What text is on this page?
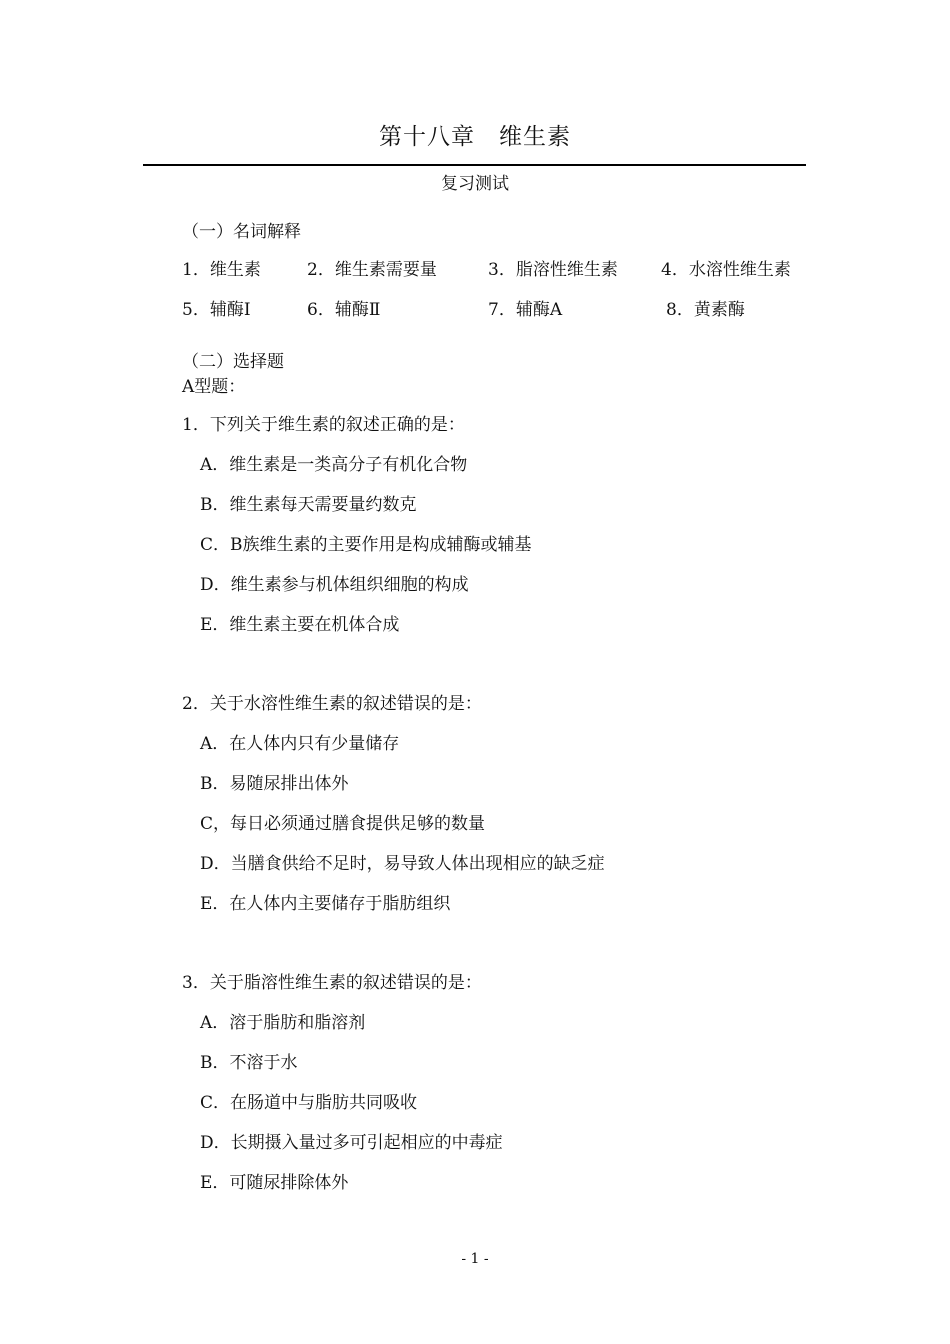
第十八章　维生素
复习测试
（一）名词解释
1．维生素	2．维生素需要量	3．脂溶性维生素	4．水溶性维生素
5．辅酶Ⅰ	6．辅酶Ⅱ	7．辅酶A	8．黄素酶
（二）选择题
A型题：
1．下列关于维生素的叙述正确的是：
A．维生素是一类高分子有机化合物
B．维生素每天需要量约数克
C．B族维生素的主要作用是构成辅酶或辅基
D．维生素参与机体组织细胞的构成
E．维生素主要在机体合成
2．关于水溶性维生素的叙述错误的是：
A．在人体内只有少量储存
B．易随尿排出体外
C，每日必须通过膳食提供足够的数量
D．当膳食供给不足时，易导致人体出现相应的缺乏症
E．在人体内主要储存于脂肪组织
3．关于脂溶性维生素的叙述错误的是：
A．溶于脂肪和脂溶剂
B．不溶于水
C．在肠道中与脂肪共同吸收
D．长期摄入量过多可引起相应的中毒症
E．可随尿排除体外
- 1 -
